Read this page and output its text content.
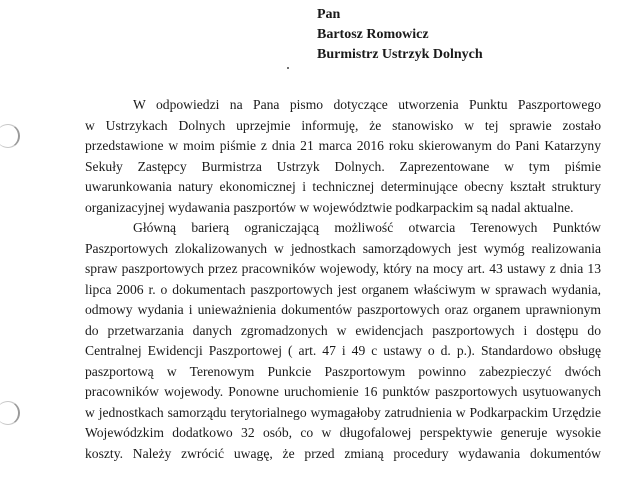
Pan
Bartosz Romowicz
Burmistrz Ustrzyk Dolnych
W odpowiedzi na Pana pismo dotyczące utworzenia Punktu Paszportowego
w Ustrzykach Dolnych uprzejmie informuję, że stanowisko w tej sprawie zostało
przedstawione w moim piśmie z dnia 21 marca 2016 roku skierowanym do Pani Katarzyny
Sekuły Zastępcy Burmistrza Ustrzyk Dolnych. Zaprezentowane w tym piśmie
uwarunkowania natury ekonomicznej i technicznej determinujące obecny kształt struktury
organizacyjnej wydawania paszportów w województwie podkarpackim są nadal aktualne.
Główną barierą ograniczającą możliwość otwarcia Terenowych Punktów
Paszportowych zlokalizowanych w jednostkach samorządowych jest wymóg realizowania
spraw paszportowych przez pracowników wojewody, który na mocy art. 43 ustawy z dnia 13
lipca 2006 r. o dokumentach paszportowych jest organem właściwym w sprawach wydania,
odmowy wydania i unieważnienia dokumentów paszportowych oraz organem uprawnionym
do przetwarzania danych zgromadzonych w ewidencjach paszportowych i dostępu do
Centralnej Ewidencji Paszportowej ( art. 47 i 49 c ustawy o d. p.). Standardowo obsługę
paszportową w Terenowym Punkcie Paszportowym powinno zabezpieczyć dwóch
pracowników wojewody. Ponowne uruchomienie 16 punktów paszportowych usytuowanych
w jednostkach samorządu terytorialnego wymagałoby zatrudnienia w Podkarpackim Urzędzie
Wojewódzkim dodatkowo 32 osób, co w długofalowej perspektywie generuje wysokie
koszty. Należy zwrócić uwagę, że przed zmianą procedury wydawania dokumentów
